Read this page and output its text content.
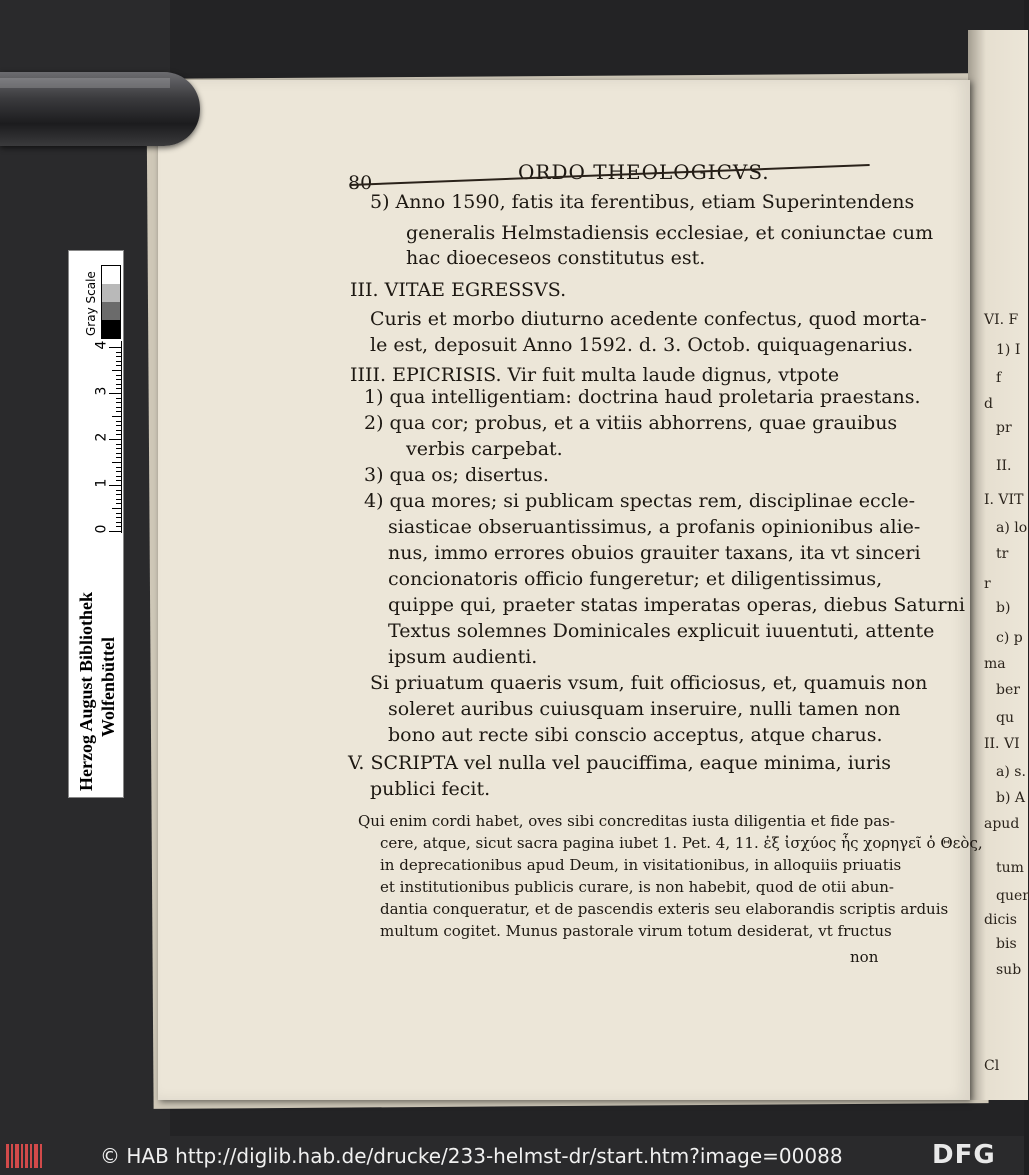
VI. F
1) I
f
d
pr
II.
I. VIT
a) lo
tr
r
b)
c) p
ma
ber
qu
II. VI
a) s.
b) A
apud
tum
quer
dicis
bis
sub
Cl
80	ORDO THEOLOGICVS.
5) Anno 1590, fatis ita ferentibus, etiam Superintendens
generalis Helmstadiensis ecclesiae, et coniunctae cum
hac dioeceseos constitutus est.
III. VITAE EGRESSVS.
Curis et morbo diuturno acedente confectus, quod morta-
le est, deposuit Anno 1592. d. 3. Octob. quiquagenarius.
IIII. EPICRISIS. Vir fuit multa laude dignus, vtpote
1) qua intelligentiam: doctrina haud proletaria praestans.
2) qua cor; probus, et a vitiis abhorrens, quae grauibus
verbis carpebat.
3) qua os; disertus.
4) qua mores; si publicam spectas rem, disciplinae eccle-
siasticae obseruantissimus, a profanis opinionibus alie-
nus, immo errores obuios grauiter taxans, ita vt sinceri
concionatoris officio fungeretur; et diligentissimus,
quippe qui, praeter statas imperatas operas, diebus Saturni
Textus solemnes Dominicales explicuit iuuentuti, attente
ipsum audienti.
Si priuatum quaeris vsum, fuit officiosus, et, quamuis non
soleret auribus cuiusquam inseruire, nulli tamen non
bono aut recte sibi conscio acceptus, atque charus.
V. SCRIPTA vel nulla vel pauciffima, eaque minima, iuris
publici fecit.
Qui enim cordi habet, oves sibi concreditas iusta diligentia et fide pas-
cere, atque, sicut sacra pagina iubet 1. Pet. 4, 11. ἐξ ἰσχύος ἧς χορηγεῖ ὁ Θεὸς,
in deprecationibus apud Deum, in visitationibus, in alloquiis priuatis
et institutionibus publicis curare, is non habebit, quod de otii abun-
dantia conqueratur, et de pascendis exteris seu elaborandis scriptis arduis
multum cogitet. Munus pastorale virum totum desiderat, vt fructus
non
0
1
2
3
4
Herzog August Bibliothek Wolfenbüttel
Gray Scale
© HAB http://diglib.hab.de/drucke/233-helmst-dr/start.htm?image=00088	DFG
